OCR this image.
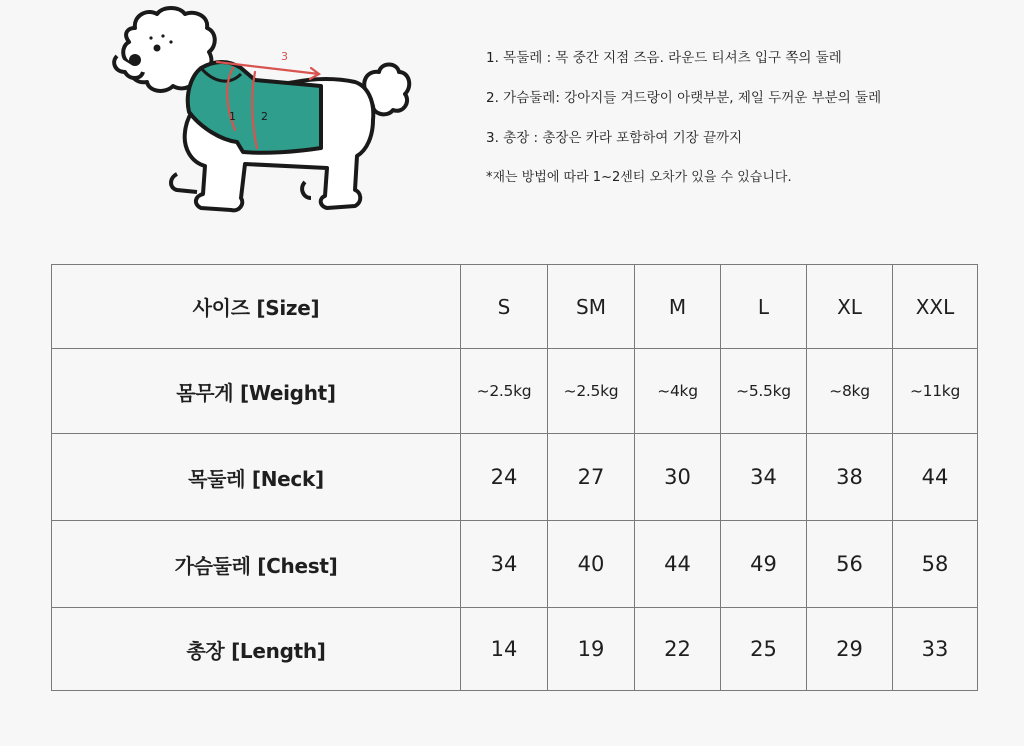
3
1 2
1. 목둘레 : 목 중간 지점 즈음. 라운드 티셔츠 입구 쪽의 둘레
2. 가슴둘레: 강아지들 겨드랑이 아랫부분, 제일 두꺼운 부분의 둘레
3. 총장 : 총장은 카라 포함하여 기장 끝까지
*재는 방법에 따라 1~2센티 오차가 있을 수 있습니다.
사이즈 [Size]	S	SM	M	L	XL	XXL
몸무게 [Weight]	~2.5kg	~2.5kg	~4kg	~5.5kg	~8kg	~11kg
목둘레 [Neck]	24	27	30	34	38	44
가슴둘레 [Chest]	34	40	44	49	56	58
총장 [Length]	14	19	22	25	29	33
